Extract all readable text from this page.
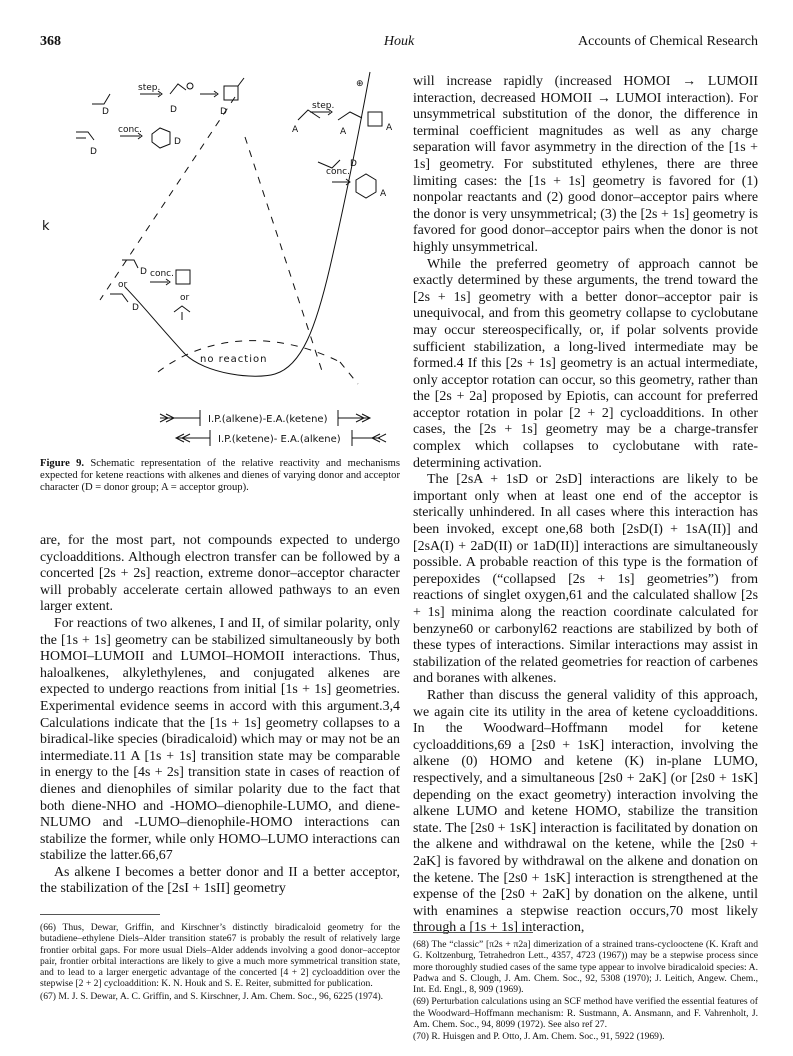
368	Houk	Accounts of Chemical Research
k
D
step.
D	D
D
conc.
D
⊕
A
step.
A	A
D
conc.
A
D
or
D
conc.
or
no reaction
I.P.(alkene)-E.A.(ketene)
I.P.(ketene)- E.A.(alkene)
Figure 9. Schematic representation of the relative reactivity and mechanisms expected for ketene reactions with alkenes and dienes of varying donor and acceptor character (D = donor group; A = acceptor group).

are, for the most part, not compounds expected to undergo cycloadditions. Although electron transfer can be followed by a concerted [2s + 2s] reaction, extreme donor–acceptor character will probably accelerate certain allowed pathways to an even larger extent.

For reactions of two alkenes, I and II, of similar polarity, only the [1s + 1s] geometry can be stabilized simultaneously by both HOMOI–LUMOII and LUMOI–HOMOII interactions. Thus, haloalkenes, alkylethylenes, and conjugated alkenes are expected to undergo reactions from initial [1s + 1s] geometries. Experimental evidence seems in accord with this argument.3,4 Calculations indicate that the [1s + 1s] geometry collapses to a biradical-like species (biradicaloid) which may or may not be an intermediate.11 A [1s + 1s] transition state may be comparable in energy to the [4s + 2s] transition state in cases of reaction of dienes and dienophiles of similar polarity due to the fact that both diene-NHO and -HOMO–dienophile-LUMO, and diene-NLUMO and -LUMO–dienophile-HOMO interactions can stabilize the former, while only HOMO–LUMO interactions can stabilize the latter.66,67

As alkene I becomes a better donor and II a better acceptor, the stabilization of the [2sI + 1sII] geometry

will increase rapidly (increased HOMOI → LUMOII interaction, decreased HOMOII → LUMOI interaction). For unsymmetrical substitution of the donor, the difference in terminal coefficient magnitudes as well as any charge separation will favor asymmetry in the direction of the [1s + 1s] geometry. For substituted ethylenes, there are three limiting cases: the [1s + 1s] geometry is favored for (1) nonpolar reactants and (2) good donor–acceptor pairs where the donor is very unsymmetrical; (3) the [2s + 1s] geometry is favored for good donor–acceptor pairs when the donor is not highly unsymmetrical.

While the preferred geometry of approach cannot be exactly determined by these arguments, the trend toward the [2s + 1s] geometry with a better donor–acceptor pair is unequivocal, and from this geometry collapse to cyclobutane may occur stereospecifically, or, if polar solvents provide sufficient stabilization, a long-lived intermediate may be formed.4 If this [2s + 1s] geometry is an actual intermediate, only acceptor rotation can occur, so this geometry, rather than the [2s + 2a] proposed by Epiotis, can account for preferred acceptor rotation in polar [2 + 2] cycloadditions. In other cases, the [2s + 1s] geometry may be a charge-transfer complex which collapses to cyclobutane with rate-determining activation.

The [2sA + 1sD or 2sD] interactions are likely to be important only when at least one end of the acceptor is sterically unhindered. In all cases where this interaction has been invoked, except one,68 both [2sD(I) + 1sA(II)] and [2sA(I) + 2aD(II) or 1aD(II)] interactions are simultaneously possible. A probable reaction of this type is the formation of perepoxides (“collapsed [2s + 1s] geometries”) from reactions of singlet oxygen,61 and the calculated shallow [2s + 1s] minima along the reaction coordinate calculated for benzyne60 or carbonyl62 reactions are stabilized by both of these types of interactions. Similar interactions may assist in stabilization of the related geometries for reaction of carbenes and boranes with alkenes.

Rather than discuss the general validity of this approach, we again cite its utility in the area of ketene cycloadditions. In the Woodward–Hoffmann model for ketene cycloadditions,69 a [2s0 + 1sK] interaction, involving the alkene (0) HOMO and ketene (K) in-plane LUMO, respectively, and a simultaneous [2s0 + 2aK] (or [2s0 + 1sK] depending on the exact geometry) interaction involving the alkene LUMO and ketene HOMO, stabilize the transition state. The [2s0 + 1sK] interaction is facilitated by donation on the alkene and withdrawal on the ketene, while the [2s0 + 2aK] is favored by withdrawal on the alkene and donation on the ketene. The [2s0 + 1sK] interaction is strengthened at the expense of the [2s0 + 2aK] by donation on the alkene, until with enamines a stepwise reaction occurs,70 most likely through a [1s + 1s] interaction,

(66) Thus, Dewar, Griffin, and Kirschner’s distinctly biradicaloid geometry for the butadiene–ethylene Diels–Alder transition state67 is probably the result of relatively large frontier orbital gaps. For more usual Diels–Alder addends involving a good donor–acceptor pair, frontier orbital interactions are likely to give a much more symmetrical transition state, and to lead to a larger energetic advantage of the concerted [4 + 2] cycloaddition over the stepwise [2 + 2] cycloaddition: K. N. Houk and S. E. Reiter, submitted for publication.

(67) M. J. S. Dewar, A. C. Griffin, and S. Kirschner, J. Am. Chem. Soc., 96, 6225 (1974).

(68) The “classic” [π2s + π2a] dimerization of a strained trans-cyclooctene (K. Kraft and G. Koltzenburg, Tetrahedron Lett., 4357, 4723 (1967)) may be a stepwise process since more thoroughly studied cases of the same type appear to involve biradicaloid species: A. Padwa and S. Clough, J. Am. Chem. Soc., 92, 5308 (1970); J. Leitich, Angew. Chem., Int. Ed. Engl., 8, 909 (1969).

(69) Perturbation calculations using an SCF method have verified the essential features of the Woodward–Hoffmann mechanism: R. Sustmann, A. Ansmann, and F. Vahrenholt, J. Am. Chem. Soc., 94, 8099 (1972). See also ref 27.

(70) R. Huisgen and P. Otto, J. Am. Chem. Soc., 91, 5922 (1969).
